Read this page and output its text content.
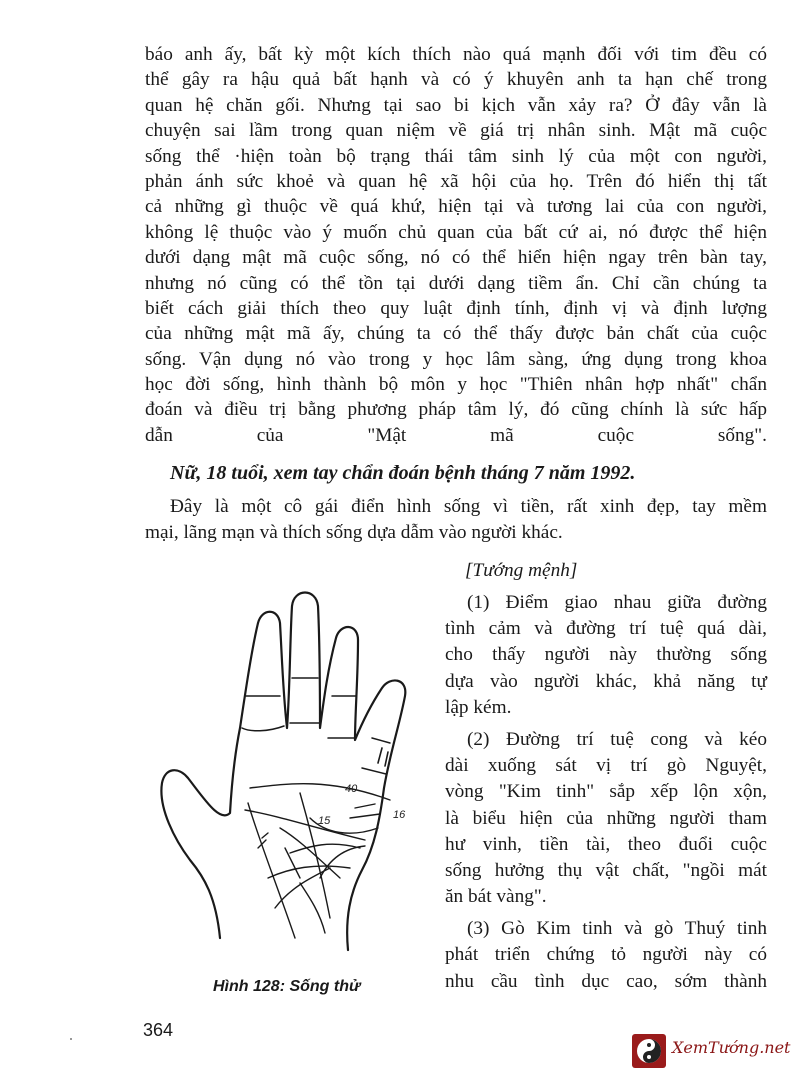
báo anh ấy, bất kỳ một kích thích nào quá mạnh đối với tim đều có
thể gây ra hậu quả bất hạnh và có ý khuyên anh ta hạn chế trong
quan hệ chăn gối. Nhưng tại sao bi kịch vẫn xảy ra? Ở đây vẫn là
chuyện sai lầm trong quan niệm về giá trị nhân sinh. Mật mã cuộc
sống thể ·hiện toàn bộ trạng thái tâm sinh lý của một con người,
phản ánh sức khoẻ và quan hệ xã hội của họ. Trên đó hiển thị tất
cả những gì thuộc về quá khứ, hiện tại và tương lai của con người,
không lệ thuộc vào ý muốn chủ quan của bất cứ ai, nó được thể hiện
dưới dạng mật mã cuộc sống, nó có thể hiển hiện ngay trên bàn tay,
nhưng nó cũng có thể tồn tại dưới dạng tiềm ẩn. Chỉ cần chúng ta
biết cách giải thích theo quy luật định tính, định vị và định lượng
của những mật mã ấy, chúng ta có thể thấy được bản chất của cuộc
sống. Vận dụng nó vào trong y học lâm sàng, ứng dụng trong khoa
học đời sống, hình thành bộ môn y học "Thiên nhân hợp nhất" chẩn
đoán và điều trị bằng phương pháp tâm lý, đó cũng chính là sức hấp
dẫn của "Mật mã cuộc sống".
Nữ, 18 tuổi, xem tay chẩn đoán bệnh tháng 7 năm 1992.
Đây là một cô gái điển hình sống vì tiền, rất xinh đẹp, tay mềm
mại, lãng mạn và thích sống dựa dẫm vào người khác.
[Tướng mệnh]
(1) Điểm giao nhau giữa đường
tình cảm và đường trí tuệ quá dài,
cho thấy người này thường sống
dựa vào người khác, khả năng tự
lập kém.
(2) Đường trí tuệ cong và kéo
dài xuống sát vị trí gò Nguyệt,
vòng "Kim tinh" sắp xếp lộn xộn,
là biểu hiện của những người tham
hư vinh, tiền tài, theo đuổi cuộc
sống hưởng thụ vật chất, "ngồi mát
ăn bát vàng".
(3) Gò Kim tinh và gò Thuý tinh
phát triển chứng tỏ người này có
nhu cầu tình dục cao, sớm thành
40
15	16
Hình 128: Sống thử
364
XemTướng.net
